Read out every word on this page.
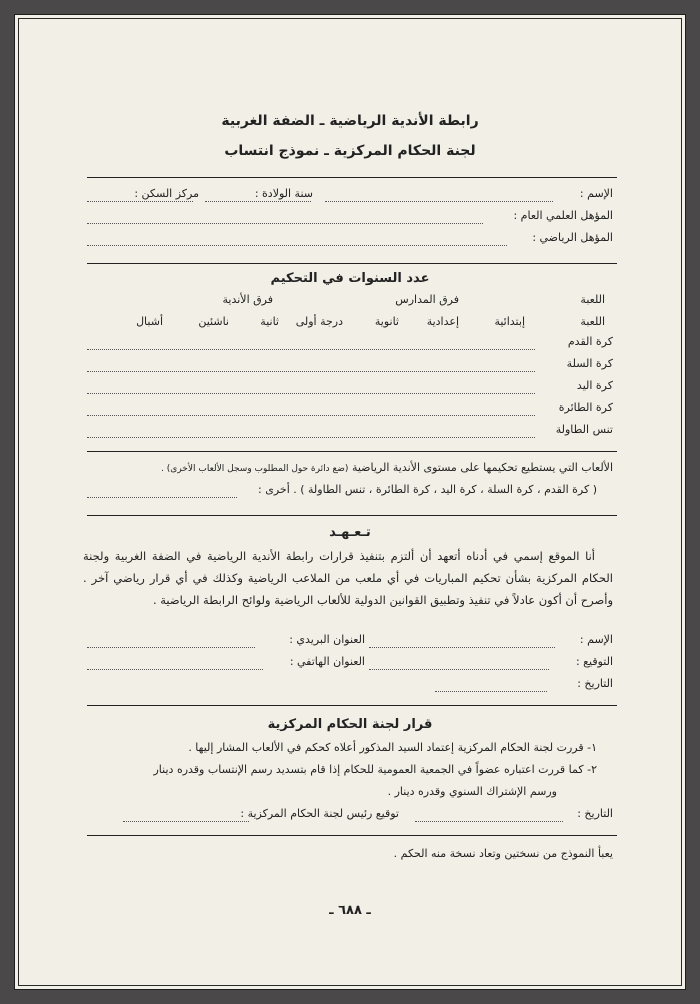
رابطة الأندية الرياضية ـ الضفة الغربية
لجنة الحكام المركزية ـ نموذج انتساب
الإسم :
سنة الولادة :
مركز السكن :
المؤهل العلمي العام :
المؤهل الرياضي :
عدد السنوات في التحكيم
اللعبة
فرق المدارس
فرق الأندية
اللعبة
إبتدائية
إعدادية
ثانوية
درجة أولى
ثانية
ناشئين
أشبال
كرة القدم
كرة السلة
كرة اليد
كرة الطائرة
تنس الطاولة
الألعاب التي يستطيع تحكيمها على مستوى الأندية الرياضية (ضع دائرة حول المطلوب وسجل الألعاب الأخرى) .
( كرة القدم ، كرة السلة ، كرة اليد ، كرة الطائرة ، تنس الطاولة ) . أخرى :
تـعـهـد
أنا الموقع إسمي في أدناه أتعهد أن ألتزم بتنفيذ قرارات رابطة الأندية الرياضية في الضفة الغربية ولجنة الحكام المركزية بشأن تحكيم المباريات في أي ملعب من الملاعب الرياضية وكذلك في أي قرار رياضي آخر . وأصرح أن أكون عادلاً في تنفيذ وتطبيق القوانين الدولية للألعاب الرياضية ولوائح الرابطة الرياضية .
الإسم :
العنوان البريدي :
التوقيع :
العنوان الهاتفي :
التاريخ :
قرار لجنة الحكام المركزية
١- قررت لجنة الحكام المركزية إعتماد السيد المذكور أعلاه كحكم في الألعاب المشار إليها .
٢- كما قررت اعتباره عضواً في الجمعية العمومية للحكام إذا قام بتسديد رسم الإنتساب وقدره دينار
ورسم الإشتراك السنوي وقدره دينار .
التاريخ :
توقيع رئيس لجنة الحكام المركزية :
يعبأ النموذج من نسختين وتعاد نسخة منه الحكم .
ـ ٦٨٨ ـ
